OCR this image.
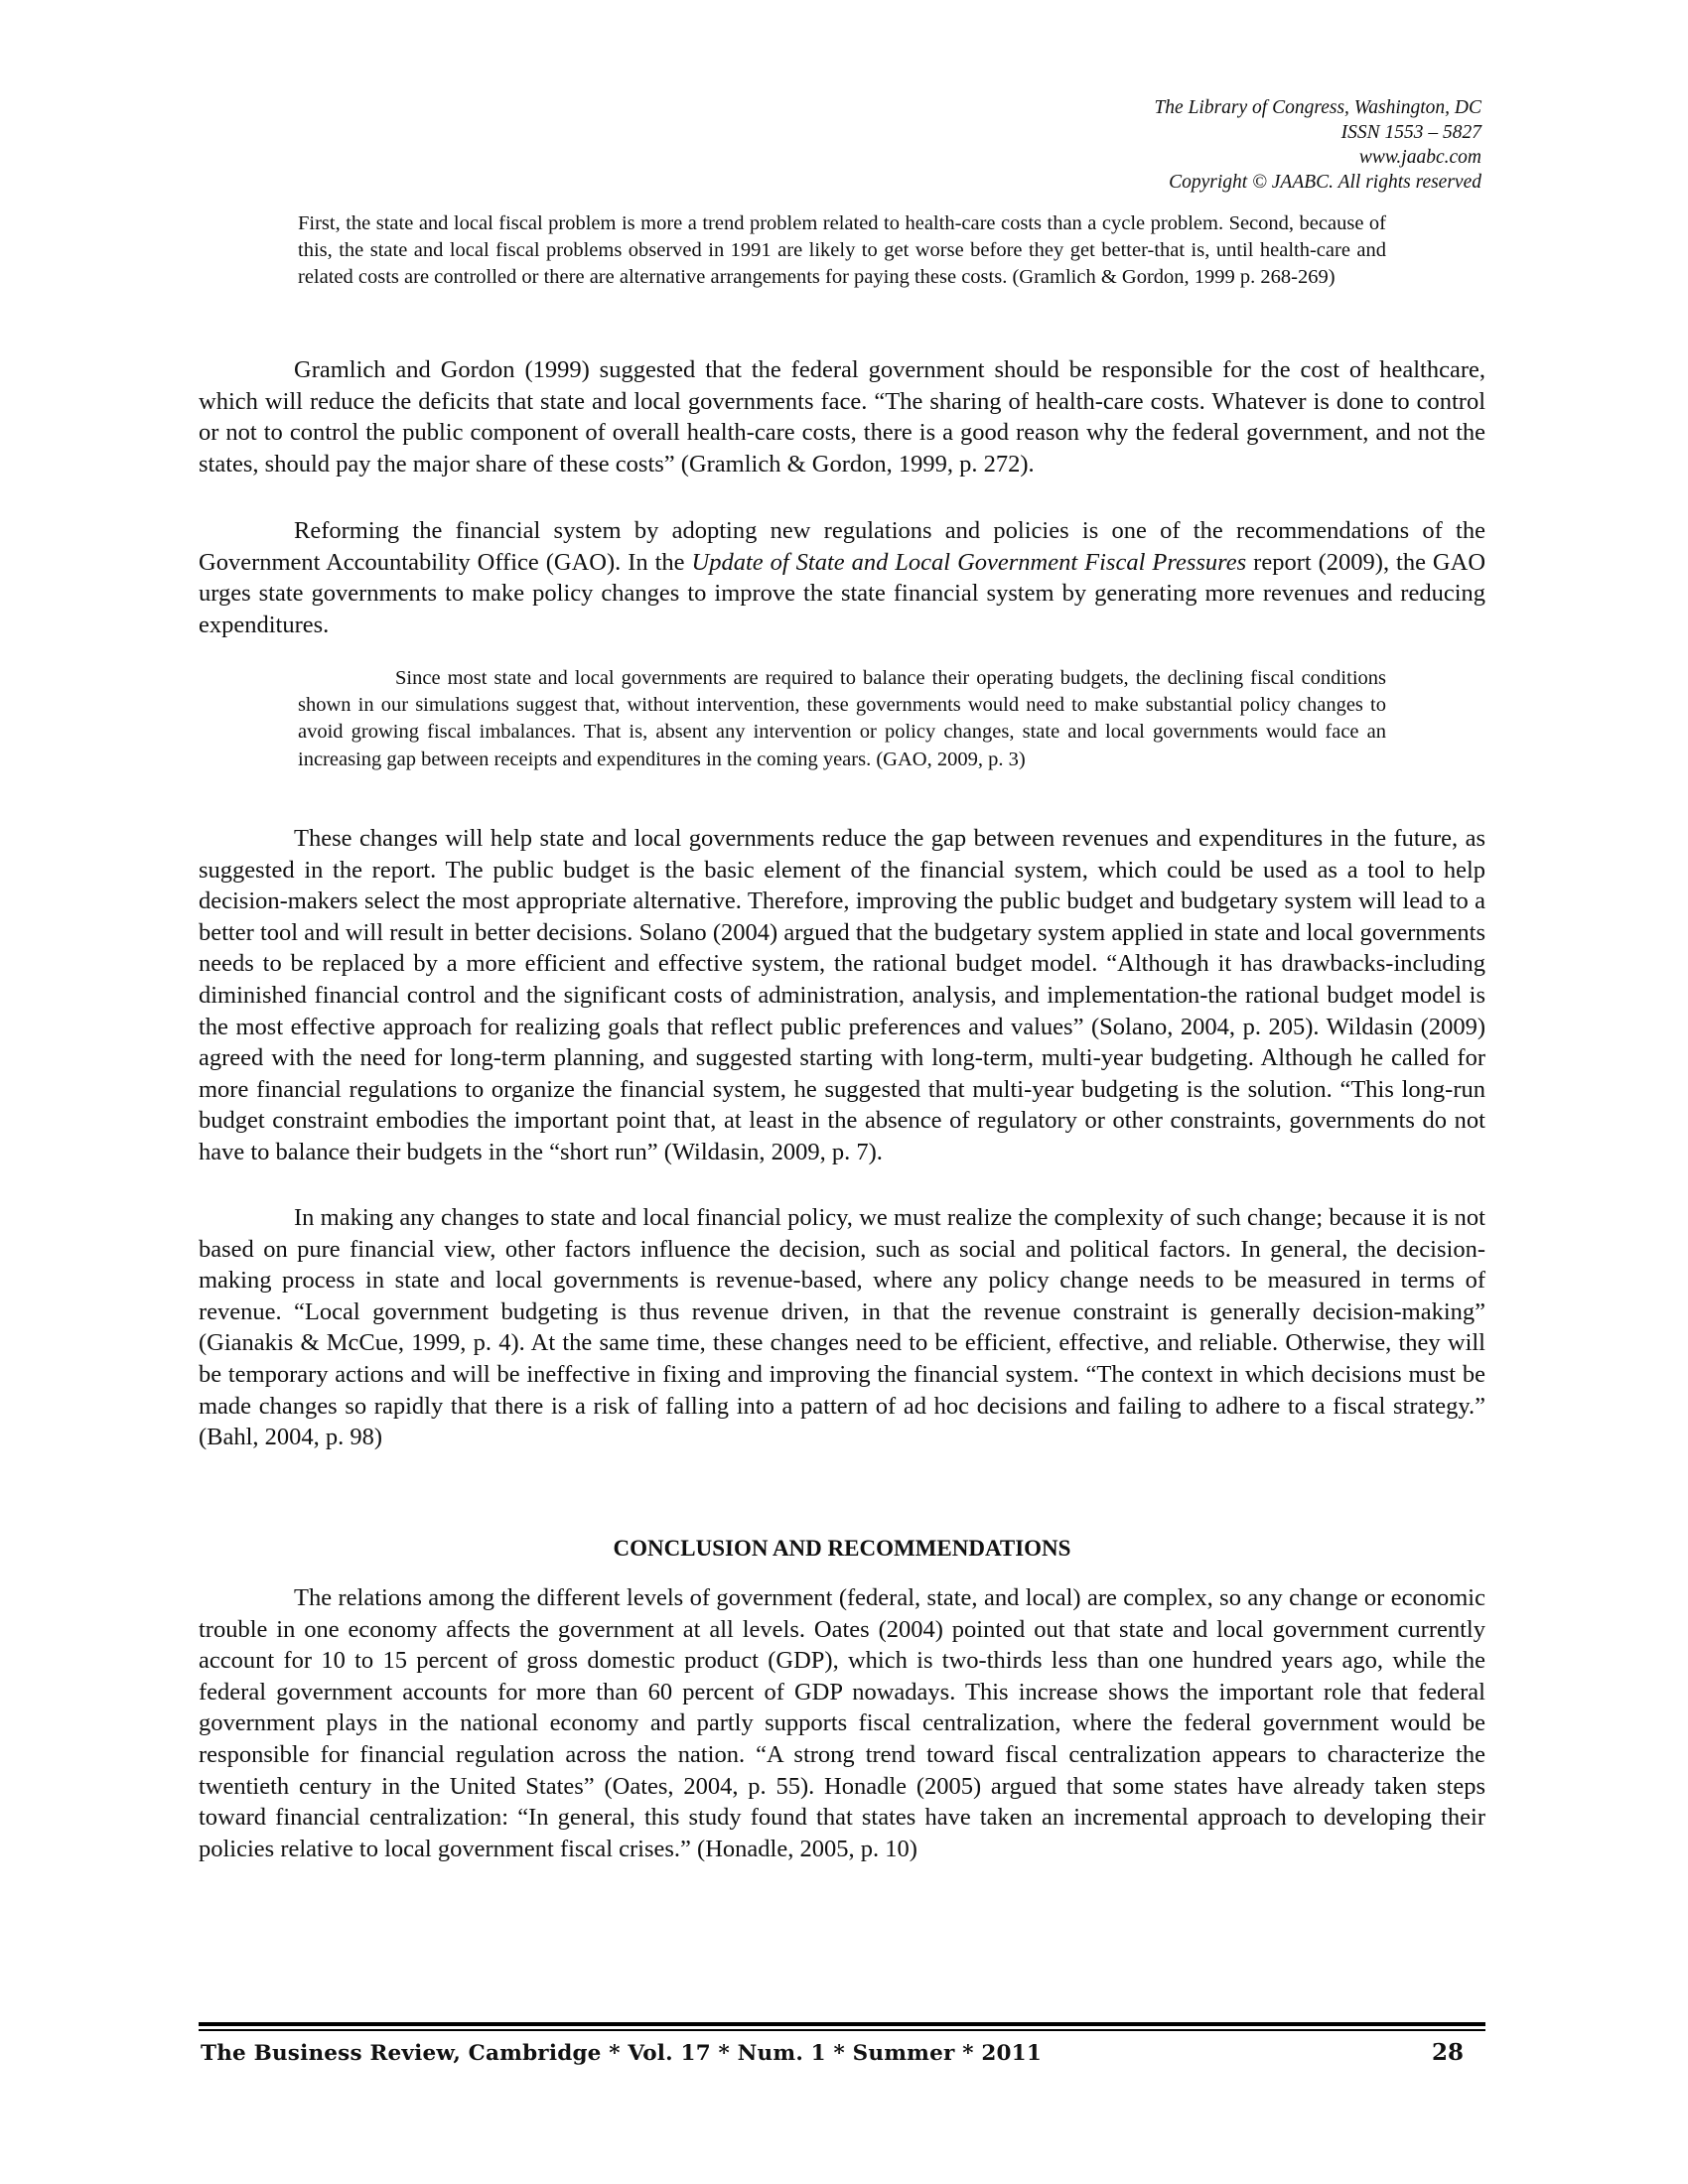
The Library of Congress, Washington, DC
ISSN 1553 – 5827
www.jaabc.com
Copyright © JAABC. All rights reserved
First, the state and local fiscal problem is more a trend problem related to health-care costs than a cycle problem. Second, because of this, the state and local fiscal problems observed in 1991 are likely to get worse before they get better-that is, until health-care and related costs are controlled or there are alternative arrangements for paying these costs. (Gramlich & Gordon, 1999 p. 268-269)
Gramlich and Gordon (1999) suggested that the federal government should be responsible for the cost of healthcare, which will reduce the deficits that state and local governments face. “The sharing of health-care costs. Whatever is done to control or not to control the public component of overall health-care costs, there is a good reason why the federal government, and not the states, should pay the major share of these costs” (Gramlich & Gordon, 1999, p. 272).
Reforming the financial system by adopting new regulations and policies is one of the recommendations of the Government Accountability Office (GAO). In the Update of State and Local Government Fiscal Pressures report (2009), the GAO urges state governments to make policy changes to improve the state financial system by generating more revenues and reducing expenditures.
Since most state and local governments are required to balance their operating budgets, the declining fiscal conditions shown in our simulations suggest that, without intervention, these governments would need to make substantial policy changes to avoid growing fiscal imbalances. That is, absent any intervention or policy changes, state and local governments would face an increasing gap between receipts and expenditures in the coming years. (GAO, 2009, p. 3)
These changes will help state and local governments reduce the gap between revenues and expenditures in the future, as suggested in the report. The public budget is the basic element of the financial system, which could be used as a tool to help decision-makers select the most appropriate alternative. Therefore, improving the public budget and budgetary system will lead to a better tool and will result in better decisions. Solano (2004) argued that the budgetary system applied in state and local governments needs to be replaced by a more efficient and effective system, the rational budget model. “Although it has drawbacks-including diminished financial control and the significant costs of administration, analysis, and implementation-the rational budget model is the most effective approach for realizing goals that reflect public preferences and values” (Solano, 2004, p. 205). Wildasin (2009) agreed with the need for long-term planning, and suggested starting with long-term, multi-year budgeting. Although he called for more financial regulations to organize the financial system, he suggested that multi-year budgeting is the solution. “This long-run budget constraint embodies the important point that, at least in the absence of regulatory or other constraints, governments do not have to balance their budgets in the “short run” (Wildasin, 2009, p. 7).
In making any changes to state and local financial policy, we must realize the complexity of such change; because it is not based on pure financial view, other factors influence the decision, such as social and political factors. In general, the decision-making process in state and local governments is revenue-based, where any policy change needs to be measured in terms of revenue. “Local government budgeting is thus revenue driven, in that the revenue constraint is generally decision-making” (Gianakis & McCue, 1999, p. 4). At the same time, these changes need to be efficient, effective, and reliable. Otherwise, they will be temporary actions and will be ineffective in fixing and improving the financial system. “The context in which decisions must be made changes so rapidly that there is a risk of falling into a pattern of ad hoc decisions and failing to adhere to a fiscal strategy.” (Bahl, 2004, p. 98)
CONCLUSION AND RECOMMENDATIONS
The relations among the different levels of government (federal, state, and local) are complex, so any change or economic trouble in one economy affects the government at all levels. Oates (2004) pointed out that state and local government currently account for 10 to 15 percent of gross domestic product (GDP), which is two-thirds less than one hundred years ago, while the federal government accounts for more than 60 percent of GDP nowadays. This increase shows the important role that federal government plays in the national economy and partly supports fiscal centralization, where the federal government would be responsible for financial regulation across the nation. “A strong trend toward fiscal centralization appears to characterize the twentieth century in the United States” (Oates, 2004, p. 55). Honadle (2005) argued that some states have already taken steps toward financial centralization: “In general, this study found that states have taken an incremental approach to developing their policies relative to local government fiscal crises.” (Honadle, 2005, p. 10)
The Business Review, Cambridge * Vol. 17 * Num. 1 * Summer * 2011	28
